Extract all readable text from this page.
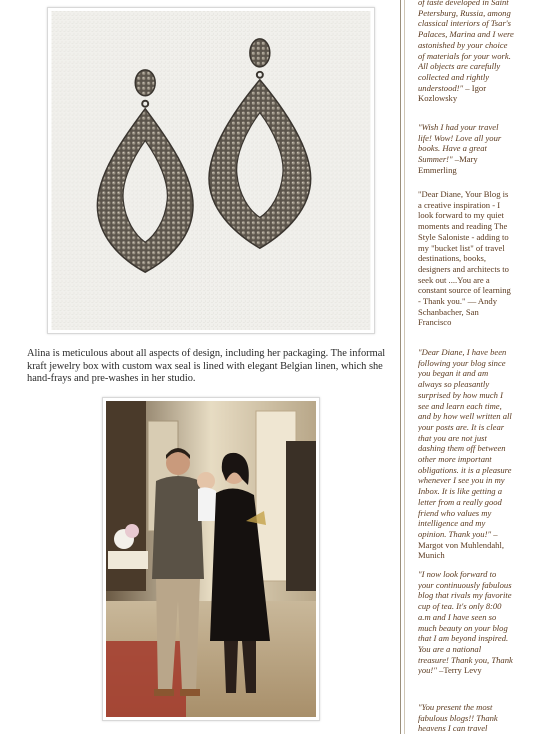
Alina is meticulous about all aspects of design, including her packaging. The informal kraft jewelry box with custom wax seal is lined with elegant Belgian linen, which she hand-frays and pre-washes in her studio.

of taste developed in Saint Petersburg, Russia, among classical interiors of Tsar's Palaces, Marina and I were astonished by your choice of materials for your work. All objects are carefully collected and rightly understood!" – Igor Kozlowsky

"Wish I had your travel life! Wow! Love all your books. Have a great Summer!" –Mary Emmerling

"Dear Diane, Your Blog is a creative inspiration - I look forward to my quiet moments and reading The Style Saloniste - adding to my "bucket list" of travel destinations, books, designers and architects to seek out ....You are a constant source of learning - Thank you." — Andy Schanbacher, San Francisco

"Dear Diane, I have been following your blog since you began it and am always so pleasantly surprised by how much I see and learn each time, and by how well written all your posts are. It is clear that you are not just dashing them off between other more important obligations. it is a pleasure whenever I see you in my Inbox. It is like getting a letter from a really good friend who values my intelligence and my opinion. Thank you!" –Margot von Muhlendahl, Munich

"I now look forward to your continuously fabulous blog that rivals my favorite cup of tea. It's only 8:00 a.m and I have seen so much beauty on your blog that I am beyond inspired. You are a national treasure! Thank you, Thank you!" –Terry Levy

"You present the most fabulous blogs!! Thank heavens I can travel
